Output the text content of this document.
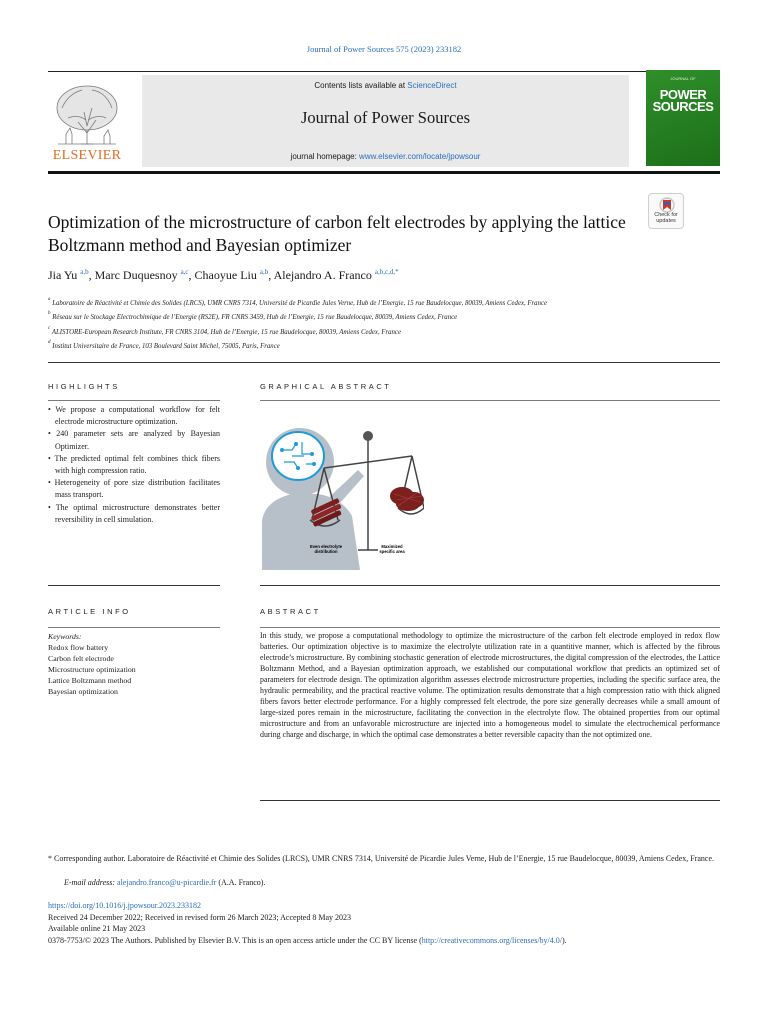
Journal of Power Sources 575 (2023) 233182
ELSEVIER
Contents lists available at ScienceDirect
Journal of Power Sources
journal homepage: www.elsevier.com/locate/jpowsour
JOURNAL OF
POWER
SOURCES
Optimization of the microstructure of carbon felt electrodes by applying the lattice Boltzmann method and Bayesian optimizer
Check for updates
Jia Yu $^{a,b}$, Marc Duquesnoy $^{a,c}$, Chaoyue Liu $^{a,b}$, Alejandro A. Franco $^{a,b,c,d,*}$
$^a$ Laboratoire de Réactivité et Chimie des Solides (LRCS), UMR CNRS 7314, Université de Picardie Jules Verne, Hub de l’Energie, 15 rue Baudelocque, 80039, Amiens Cedex, France
$^b$ Réseau sur le Stockage Electrochimique de l’Energie (RS2E), FR CNRS 3459, Hub de l’Energie, 15 rue Baudelocque, 80039, Amiens Cedex, France
$^c$ ALISTORE-European Research Institute, FR CNRS 3104, Hub de l’Energie, 15 rue Baudelocque, 80039, Amiens Cedex, France
$^d$ Institut Universitaire de France, 103 Boulevard Saint Michel, 75005, Paris, France
HIGHLIGHTS	GRAPHICAL ABSTRACT
ARTICLE INFO	ABSTRACT
• We propose a computational workflow for felt electrode microstructure optimization.
• 240 parameter sets are analyzed by Bayesian Optimizer.
• The predicted optimal felt combines thick fibers with high compression ratio.
• Heterogeneity of pore size distribution facilitates mass transport.
• The optimal microstructure demonstrates better reversibility in cell simulation.
Even electrolyte
distribution
Maximized
specific area
Keywords:
Redox flow battery
Carbon felt electrode
Microstructure optimization
Lattice Boltzmann method
Bayesian optimization
In this study, we propose a computational methodology to optimize the microstructure of the carbon felt electrode employed in redox flow batteries. Our optimization objective is to maximize the electrolyte utilization rate in a quantitive manner, which is affected by the fibrous electrode’s microstructure. By combining stochastic generation of electrode microstructures, the digital compression of the electrodes, the Lattice Boltzmann Method, and a Bayesian optimization approach, we established our computational workflow that predicts an optimized set of parameters for electrode design. The optimization algorithm assesses electrode microstructure properties, including the specific surface area, the hydraulic permeability, and the practical reactive volume. The optimization results demonstrate that a high compression ratio with thick aligned fibers favors better electrode performance. For a highly compressed felt electrode, the pore size generally decreases while a small amount of large-sized pores remain in the microstructure, facilitating the convection in the electrolyte flow. The obtained properties from our optimal microstructure and from an unfavorable microstructure are injected into a homogeneous model to simulate the electrochemical performance during charge and discharge, in which the optimal case demonstrates a better reversible capacity than the not optimized one.
* Corresponding author. Laboratoire de Réactivité et Chimie des Solides (LRCS), UMR CNRS 7314, Université de Picardie Jules Verne, Hub de l’Energie, 15 rue Baudelocque, 80039, Amiens Cedex, France.
E-mail address: alejandro.franco@u-picardie.fr (A.A. Franco).
https://doi.org/10.1016/j.jpowsour.2023.233182
Received 24 December 2022; Received in revised form 26 March 2023; Accepted 8 May 2023
Available online 21 May 2023
0378-7753/© 2023 The Authors. Published by Elsevier B.V. This is an open access article under the CC BY license (http://creativecommons.org/licenses/by/4.0/).
